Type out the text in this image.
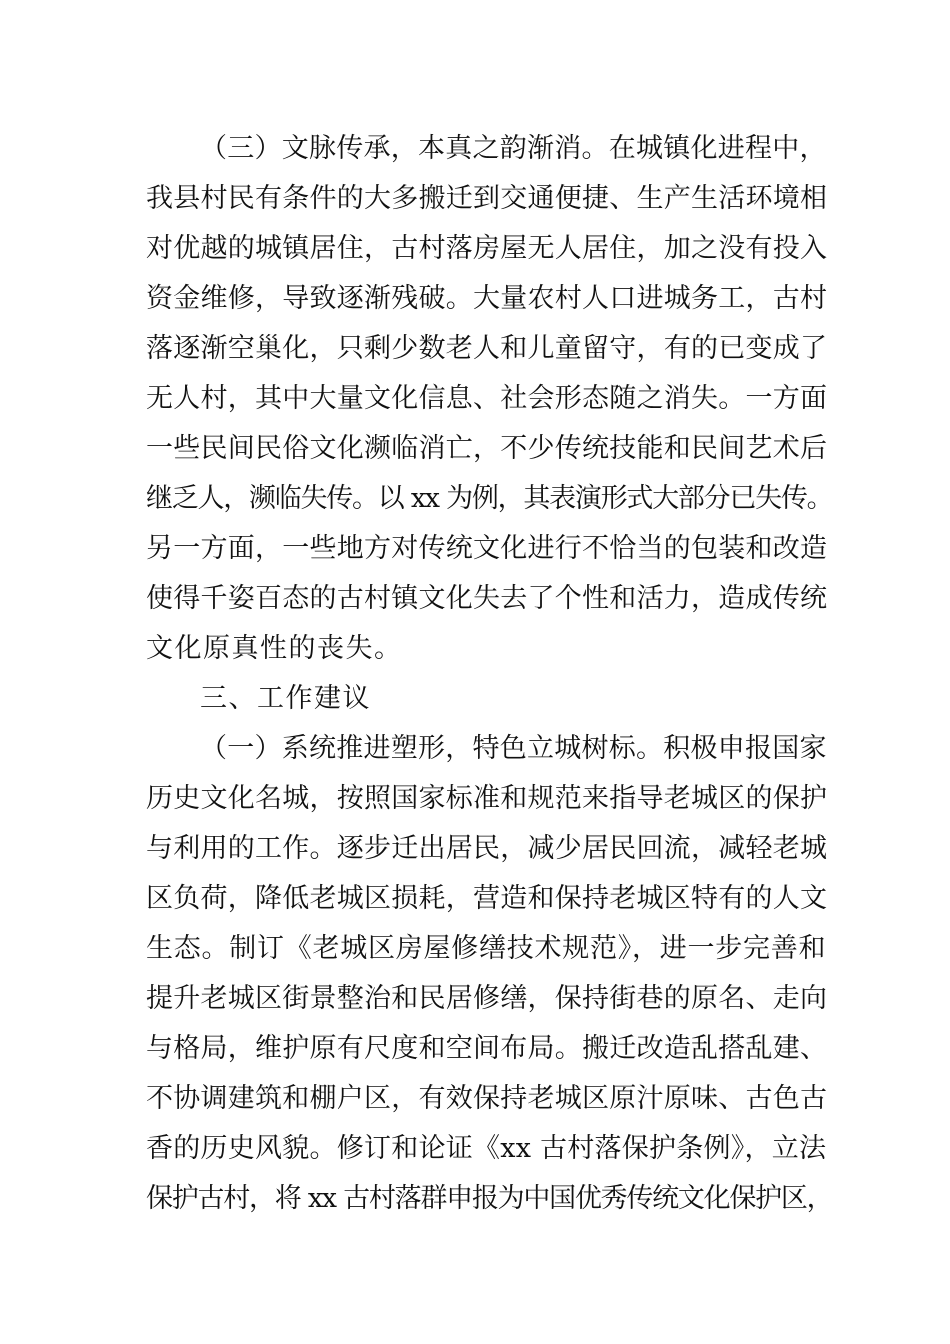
（三）文脉传承，本真之韵渐消。在城镇化进程中，
我县村民有条件的大多搬迁到交通便捷、生产生活环境相
对优越的城镇居住，古村落房屋无人居住，加之没有投入
资金维修，导致逐渐残破。大量农村人口进城务工，古村
落逐渐空巢化，只剩少数老人和儿童留守，有的已变成了
无人村，其中大量文化信息、社会形态随之消失。一方面
一些民间民俗文化濒临消亡，不少传统技能和民间艺术后
继乏人，濒临失传。以 xx 为例，其表演形式大部分已失传。
另一方面，一些地方对传统文化进行不恰当的包装和改造
使得千姿百态的古村镇文化失去了个性和活力，造成传统
文化原真性的丧失。
三、工作建议
（一）系统推进塑形，特色立城树标。积极申报国家
历史文化名城，按照国家标准和规范来指导老城区的保护
与利用的工作。逐步迁出居民，减少居民回流，减轻老城
区负荷，降低老城区损耗，营造和保持老城区特有的人文
生态。制订《老城区房屋修缮技术规范》，进一步完善和
提升老城区街景整治和民居修缮，保持街巷的原名、走向
与格局，维护原有尺度和空间布局。搬迁改造乱搭乱建、
不协调建筑和棚户区，有效保持老城区原汁原味、古色古
香的历史风貌。修订和论证《xx 古村落保护条例》，立法
保护古村，将 xx 古村落群申报为中国优秀传统文化保护区，
